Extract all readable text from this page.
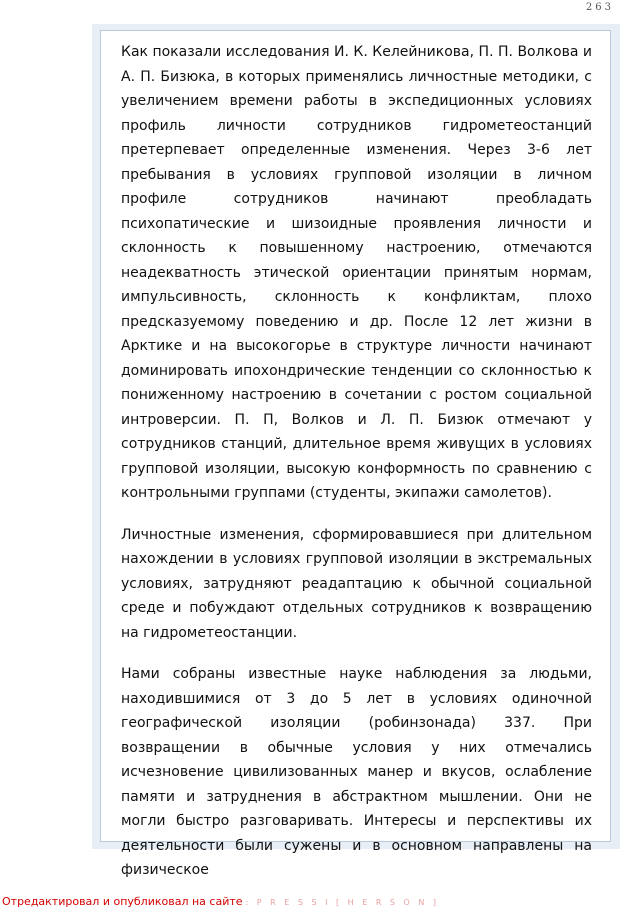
263

Как показали исследования И. К. Келейникова, П. П. Волкова и А. П. Бизюка, в которых применялись личностные методики, с увеличением времени работы в экспедиционных условиях профиль личности сотрудников гидрометеостанций претерпевает определенные изменения. Через 3-6 лет пребывания в условиях групповой изоляции в личном профиле сотрудников начинают преобладать психопатические и шизоидные проявления личности и склонность к повышенному настроению, отмечаются неадекватность этической ориентации принятым нормам, импульсивность, склонность к конфликтам, плохо предсказуемому поведению и др. После 12 лет жизни в Арктике и на высокогорье в структуре личности начинают доминировать ипохондрические тенденции со склонностью к пониженному настроению в сочетании с ростом социальной интроверсии. П. П, Волков и Л. П. Бизюк отмечают у сотрудников станций, длительное время живущих в условиях групповой изоляции, высокую конформность по сравнению с контрольными группами (студенты, экипажи самолетов).

Личностные изменения, сформировавшиеся при длительном нахождении в условиях групповой изоляции в экстремальных условиях, затрудняют реадаптацию к обычной социальной среде и побуждают отдельных сотрудников к возвращению на гидрометеостанции.

Нами собраны известные науке наблюдения за людьми, находившимися от 3 до 5 лет в условиях одиночной географической изоляции (робинзонада) 337. При возвращении в обычные условия у них отмечались исчезновение цивилизованных манер и вкусов, ослабление памяти и затруднения в абстрактном мышлении. Они не могли быстро разговаривать. Интересы и перспективы их деятельности были сужены и в основном направлены на физическое

Отредактировал и опубликовал на сайте : P R E S S I [ H E R S O N ]
